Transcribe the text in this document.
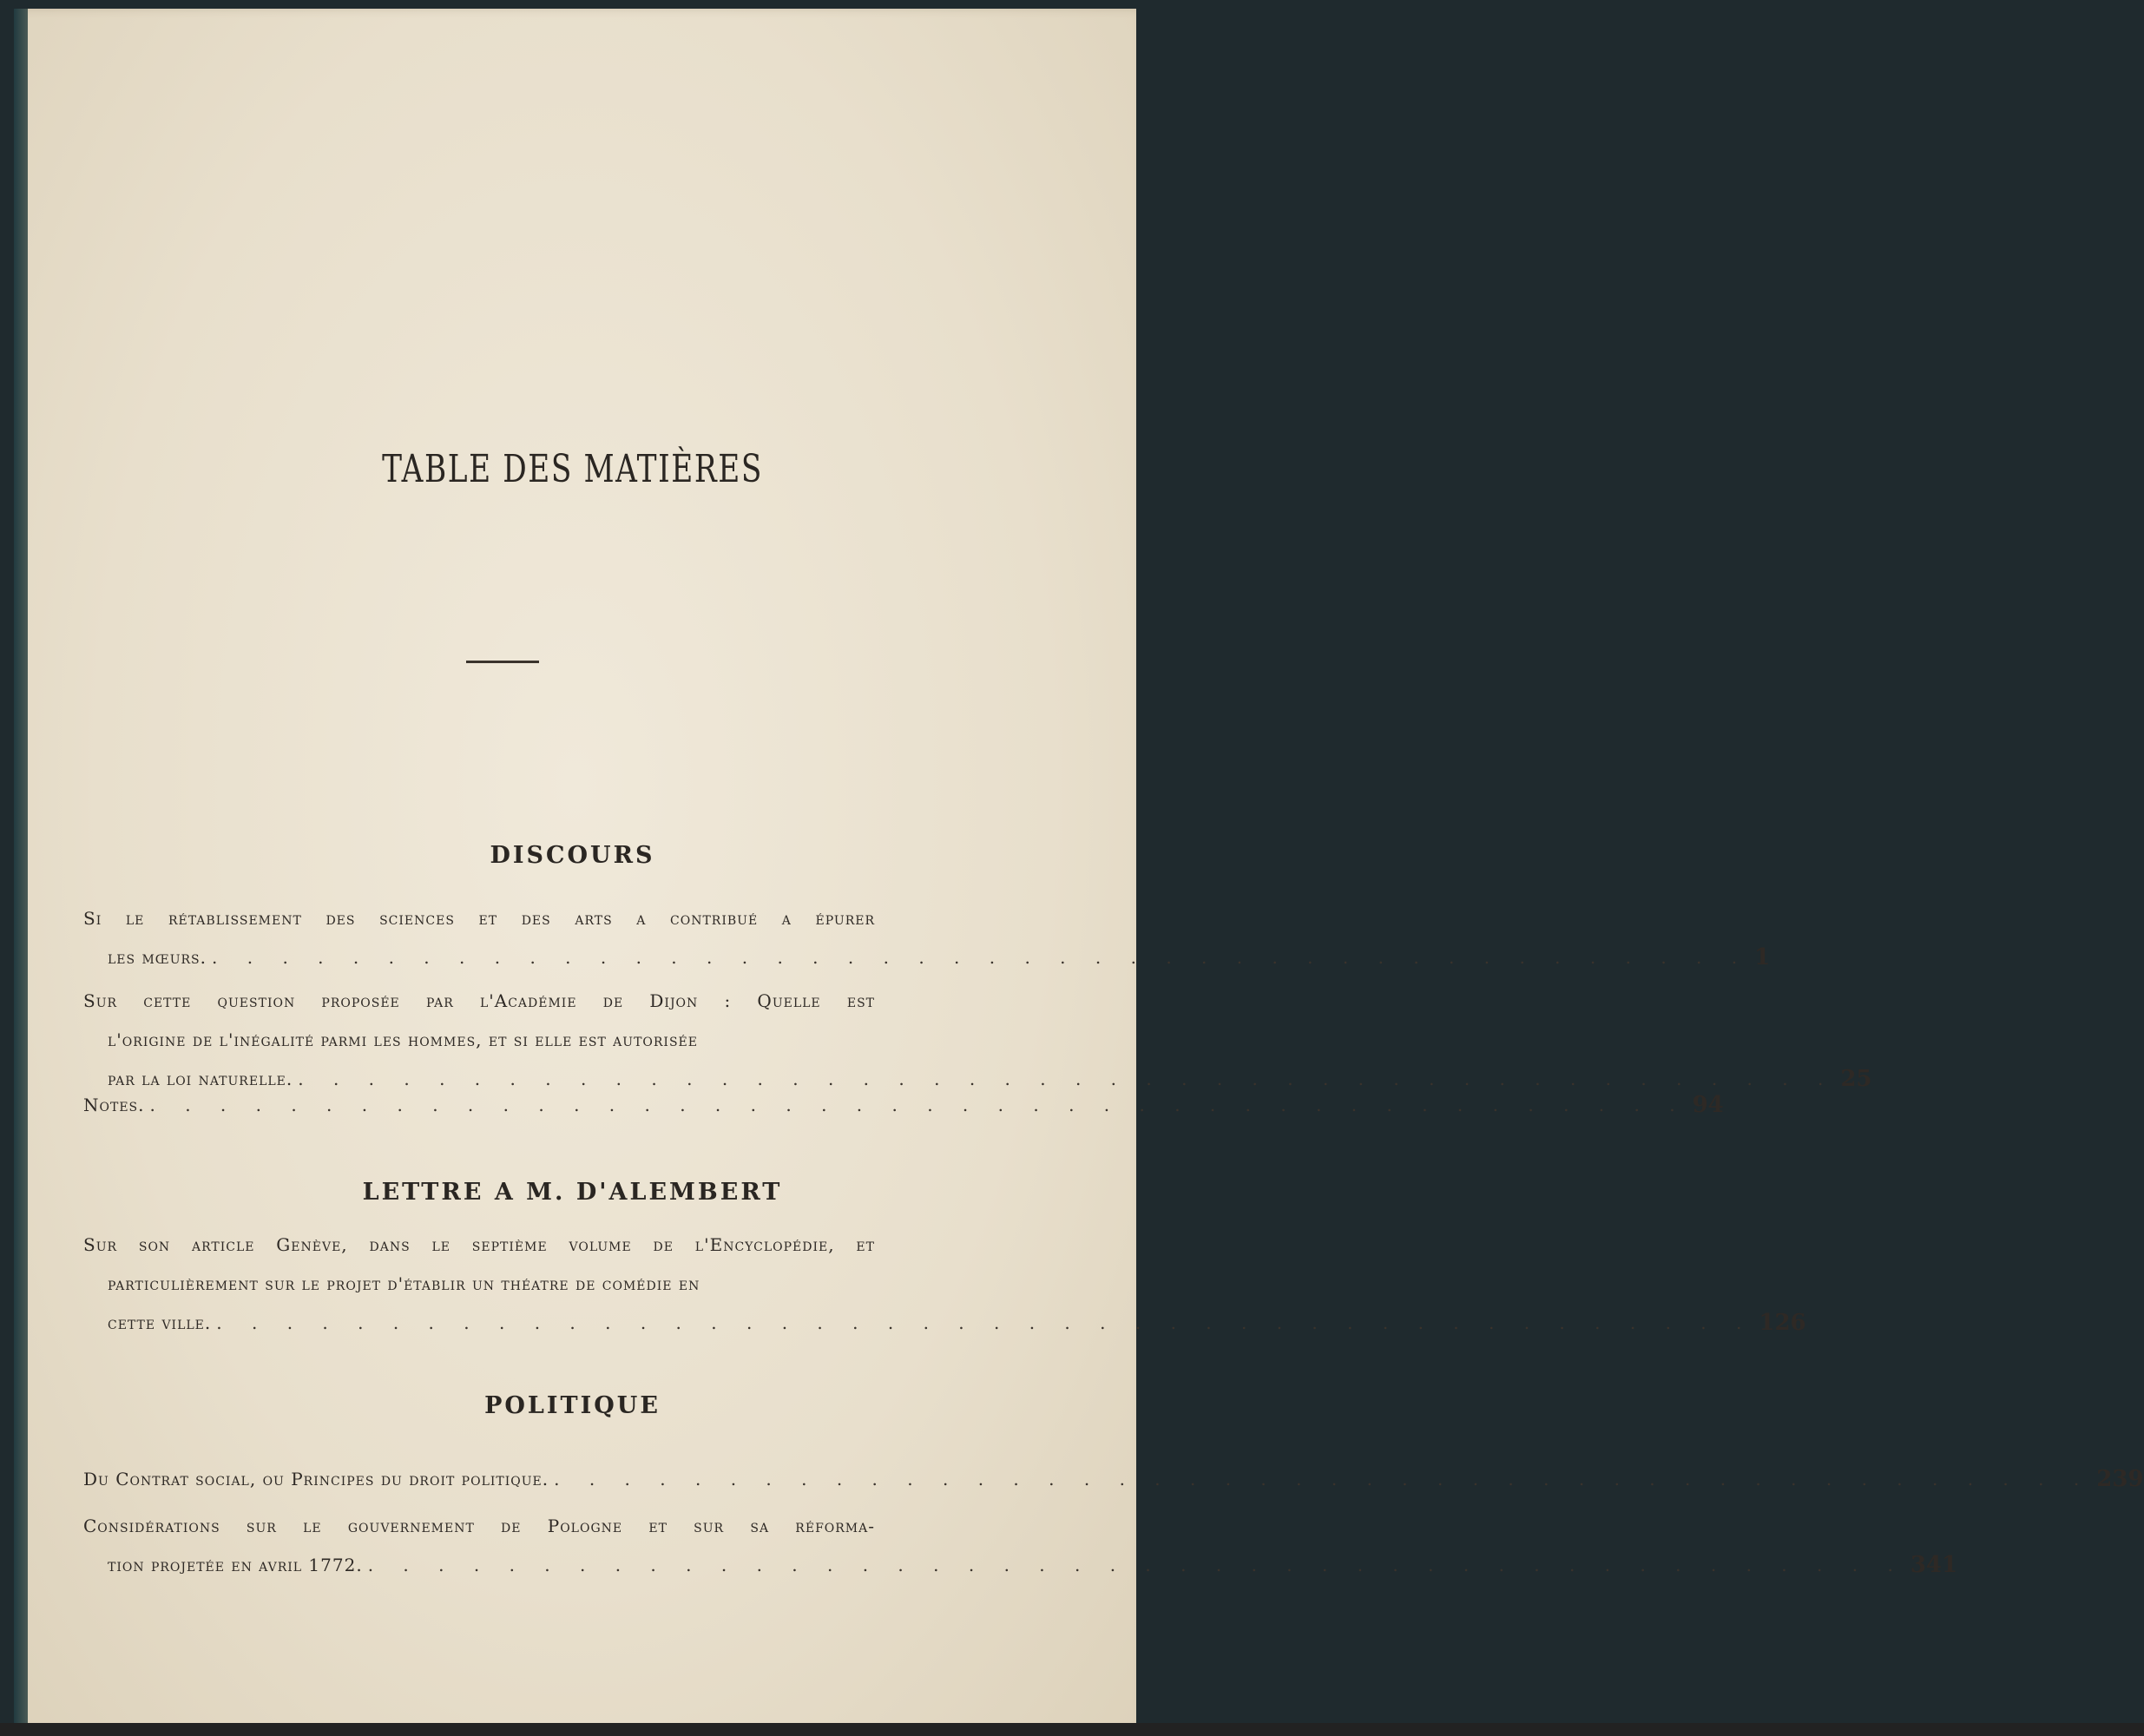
TABLE DES MATIÈRES
DISCOURS
Si le rétablissement des sciences et des arts a contribué a épurer
les mœurs. . . . . . . . . . . . . . . . . . . . . . . . . . . . . . . . . . . . . . . . . . . . . 1
Sur cette question proposée par l'Académie de Dijon : Quelle est
l'origine de l'inégalité parmi les hommes, et si elle est autorisée
par la loi naturelle. . . . . . . . . . . . . . . . . . . . . . . . . . . . . . . . . . . . . . . . . . . . . 25
Notes. . . . . . . . . . . . . . . . . . . . . . . . . . . . . . . . . . . . . . . . . . . . . 94
LETTRE A M. D'ALEMBERT
Sur son article Genève, dans le septième volume de l'Encyclopédie, et
particulièrement sur le projet d'établir un théatre de comédie en
cette ville. . . . . . . . . . . . . . . . . . . . . . . . . . . . . . . . . . . . . . . . . . . . . 126
POLITIQUE
Du Contrat social, ou Principes du droit politique. . . . . . . . . . . . . . . . . . . . . . . . . . . . . . . . . . . . . . . . . . . . . 239
Considérations sur le gouvernement de Pologne et sur sa réforma-
tion projetée en avril 1772. . . . . . . . . . . . . . . . . . . . . . . . . . . . . . . . . . . . . . . . . . . . . 341
